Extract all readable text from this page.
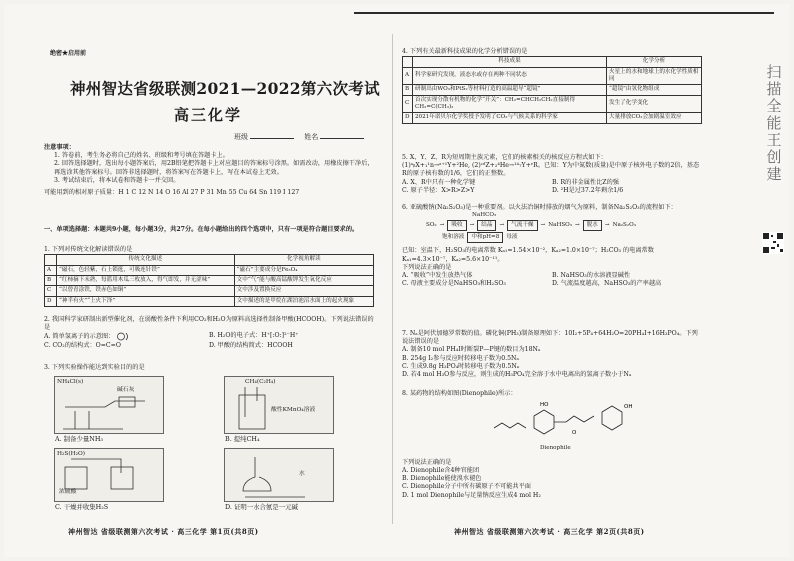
绝密★启用前
神州智达省级联测2021—2022第六次考试
高三化学
班级	姓名
注意事项：
1. 答卷前，考生务必将自己的姓名、班级和考号填在答题卡上。
2. 回答选择题时，选出每小题答案后，用2B铅笔把答题卡上对应题目的答案标号涂黑。如需改动，用橡皮擦干净后，再选涂其他答案标号。回答非选择题时，将答案写在答题卡上，写在本试卷上无效。
3. 考试结束后，将本试卷和答题卡一并交回。
可能用到的相对原子质量：H 1 C 12 N 14 O 16 Al 27 P 31 Mn 55 Cu 64 Sn 119 I 127
一、单项选择题：本题共9小题，每小题3分，共27分。在每小题给出的四个选项中，只有一项是符合题目要求的。
1. 下列对传统文化解读错误的是
	传统文化描述	化学视角解读
A	“磁石，色轻紫，石上锁逛，可吸连针铁”	“磁石”主要成分是Fe₃O₄
B	“红柿摘下未熟，每篮用木瓜三枚放入，得气即发，并无涩味”	文中“气”能与酸高锰酸钾发生氧化反应
C	“以曾青涂铁，铁赤色如铜”	文中涉及置换反应
D	“神半有火”“上火下泽”	文中描述的是甲烷在湖泊池沼水面上的起火现象
2. 我国科学家研制出新型催化剂，在弱酸性条件下利用CO₂和H₂O为原料高选择性制备甲酸(HCOOH)。下列说法错误的是
A. 简单氢离子的示意图：	B. H₂O的电子式：H⁺[:O:]²⁻H⁺
C. CO₂的结构式：O=C=O	D. 甲酸的结构简式：HCOOH
3. 下列实验操作能达到实验目的的是
NH₄Cl(s)
碱石灰
A. 制备少量NH₃
CH₄(C₂H₄)
酸性KMnO₄溶液
B. 提纯CH₄
H₂S(H₂O)
浓硫酸
C. 干燥并收集H₂S
水
D. 证明一水合氨是一元碱
4. 下列有关最新科技成果的化学分析错误的是
	科技成果	化学分析
A	科学家研究发现，液态水或存在两种不同状态	火星上的水和地球上的水化学性质相同
B	研制出由WO₃和PtS₂等材料打造的高温超导“超镜”	“超镜”由氢化物组成
C	首次实现分散有机物的化学“开关”：CH₂=CHCH₂CH₂直接制得CH₂=C(CH₃)₂	发生了化学变化
D	2021年诺贝尔化学奖授予发明了CO₂与气候关系的科学家	大量排放CO₂会加剧温室效应
5. X、Y、Z、R为短周期主族元素，它们的核素相关的核反应方程式如下：
(1)ᵃᵦX+₁¹n→ᵃ⁺¹Y+²He, (2)ᶜᵈZ+₂⁴He→¹⁴₇Y+ᵉR。已知：Y为中氮数(质量)是中原子核外电子数的2倍，基态R的原子核有数的1/6，它们的正整数。
A. X、R中只有一种化学键	B. R的非金属性比Z的强
C. 原子半径：X>R>Z>Y	D. ²H是过37.2年剩余1/6
6. 亚硫酸钠(Na₂S₂O₃)是一种重要剂。以火法冶铜时排放的烟气为原料，制备Na₂S₂O₃的流程如下：
NaHCO₃
SO₂ →	吸收	→	结晶	→	气流干燥	→ NaHSO₃ →	脱水	→ Na₂S₂O₃
饱和溶液	中和pH=8	母液
已知：室温下，H₂SO₃的电离常数 Kₐ₁=1.54×10⁻²，Kₐ₂=1.0×10⁻⁷；H₂CO₃ 的电离常数Kₐ₁=4.3×10⁻⁷，Kₐ₂=5.6×10⁻¹¹。
下列说法正确的是
A. “吸收”中发生放热气体	B. NaHSO₃的水溶液显碱性
C. 母液主要成分是NaHSO₃和H₂SO₃	D. 气流温度越高，NaHSO₃的产率越高
7. Nₐ是阿伏加德罗常数的值。磷化铜(PH₃)制备原理如下：10I₂+5P₄+64H₂O=20PH₄I+16H₃PO₄。下列说法错误的是
A. 制备10 mol PH₄I时断裂P—P键的数目为18Nₐ
B. 254g I₂参与反应时转移电子数为0.5Nₐ
C. 生成9.8g H₃PO₄时转移电子数为0.5Nₐ
D. 若4 mol H₃O参与反应，则生成的H₃PO₄完全溶于水中电离出的氢离子数小于Nₐ
8. 某药物的结构如图(Dienophile)所示：
HO	OH
O
Dienophile
下列说法正确的是
A. Dienophile含4种官能团
B. Dienophile能使溴水褪色
C. Dienophile分子中所有碳原子不可能共平面
D. 1 mol Dienophile与足量钠反应生成4 mol H₂
神州智达 省级联测第六次考试 · 高三化学 第1页(共8页)	神州智达 省级联测第六次考试 · 高三化学 第2页(共8页)
扫描全能王 创建
